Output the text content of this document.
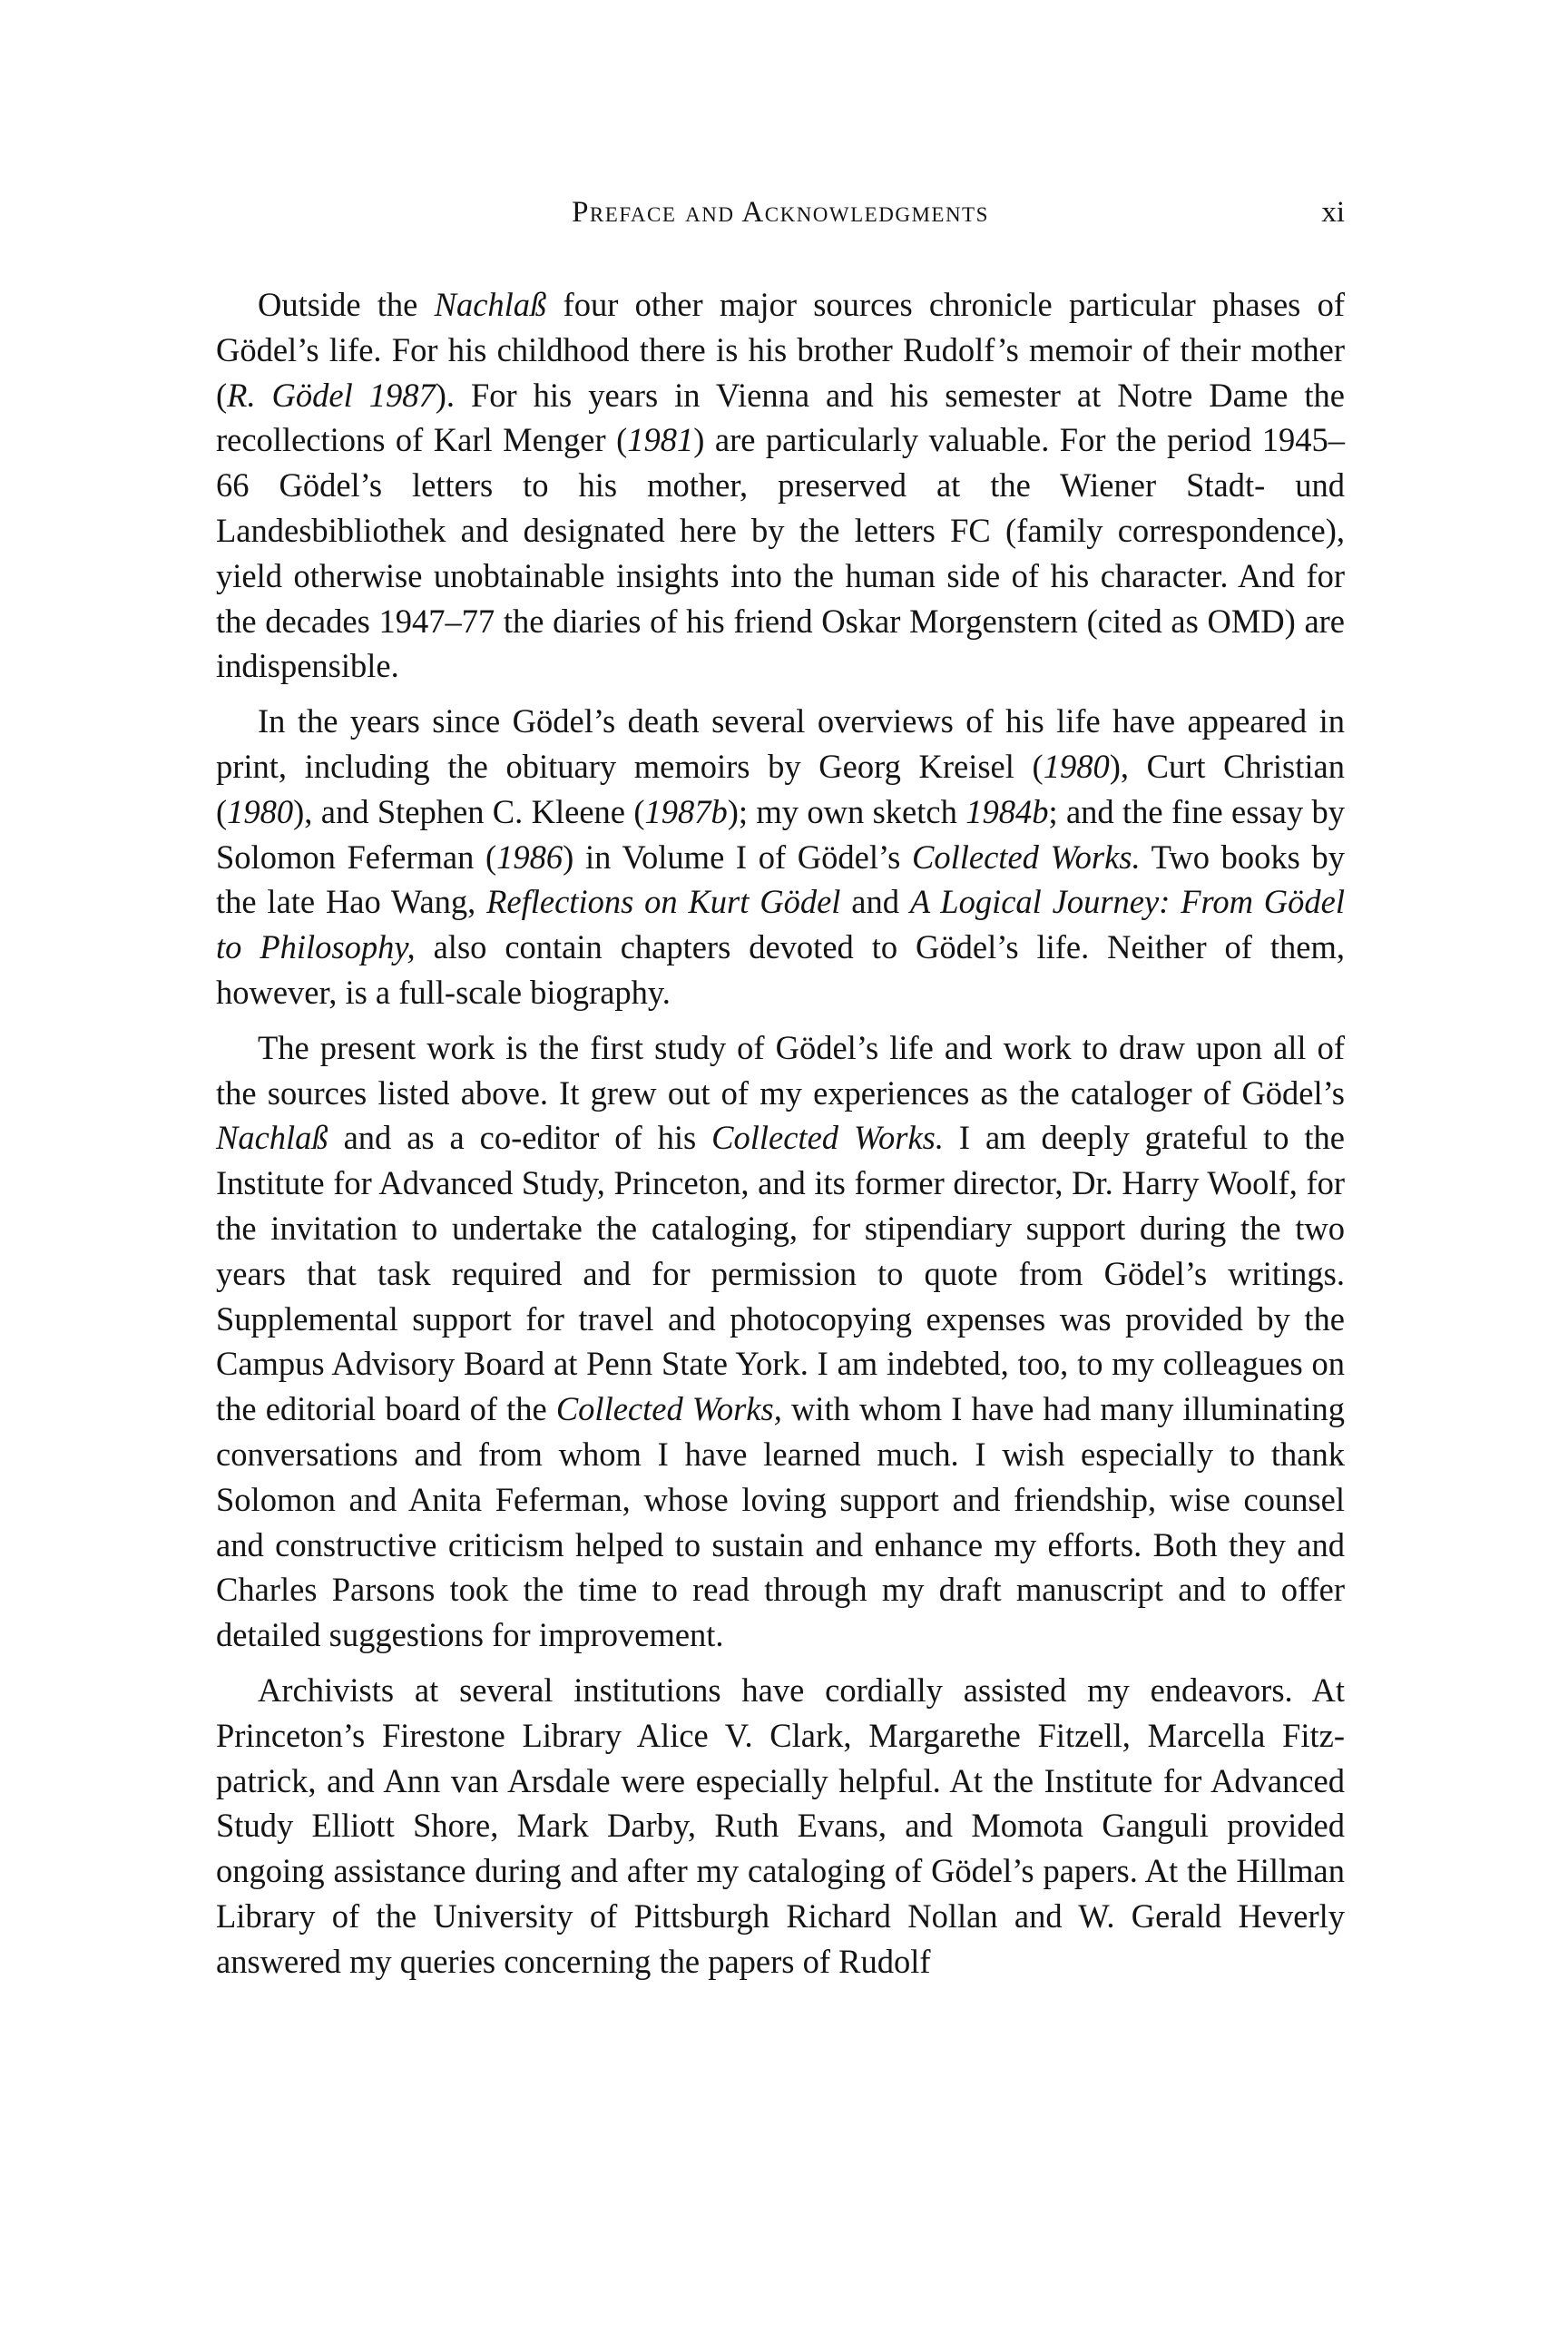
Preface and Acknowledgments	xi

Outside the Nachlaß four other major sources chronicle particular phases of Gödel’s life. For his childhood there is his brother Rudolf’s memoir of their mother (R. Gödel 1987). For his years in Vienna and his semester at Notre Dame the recollections of Karl Menger (1981) are particularly valuable. For the period 1945–66 Gödel’s letters to his mother, preserved at the Wiener Stadt- und Landesbibliothek and designated here by the letters FC (family correspondence), yield otherwise unobtainable insights into the human side of his character. And for the decades 1947–77 the diaries of his friend Oskar Morgenstern (cited as OMD) are indispensible.

In the years since Gödel’s death several overviews of his life have appeared in print, including the obituary memoirs by Georg Kreisel (1980), Curt Christian (1980), and Stephen C. Kleene (1987b); my own sketch 1984b; and the fine essay by Solomon Feferman (1986) in Volume I of Gödel’s Collected Works. Two books by the late Hao Wang, Reflections on Kurt Gödel and A Logical Journey: From Gödel to Philosophy, also contain chapters devoted to Gödel’s life. Neither of them, however, is a full-scale biography.

The present work is the first study of Gödel’s life and work to draw upon all of the sources listed above. It grew out of my experiences as the cataloger of Gödel’s Nachlaß and as a co-editor of his Collected Works. I am deeply grateful to the Institute for Advanced Study, Princeton, and its former director, Dr. Harry Woolf, for the invitation to undertake the cataloging, for stipendiary support during the two years that task required and for permission to quote from Gödel’s writings. Supplemental support for travel and photocopying expenses was provided by the Campus Advisory Board at Penn State York. I am indebted, too, to my colleagues on the editorial board of the Collected Works, with whom I have had many illuminating conversations and from whom I have learned much. I wish especially to thank Solomon and Anita Feferman, whose loving support and friendship, wise counsel and constructive criticism helped to sustain and enhance my efforts. Both they and Charles Parsons took the time to read through my draft manuscript and to offer detailed suggestions for improvement.

Archivists at several institutions have cordially assisted my endeavors. At Princeton’s Firestone Library Alice V. Clark, Margarethe Fitzell, Marcella Fitzpatrick, and Ann van Arsdale were especially helpful. At the Institute for Advanced Study Elliott Shore, Mark Darby, Ruth Evans, and Momota Ganguli provided ongoing assistance during and after my cataloging of Gödel’s papers. At the Hillman Library of the University of Pittsburgh Richard Nollan and W. Gerald Heverly answered my queries concerning the papers of Rudolf
